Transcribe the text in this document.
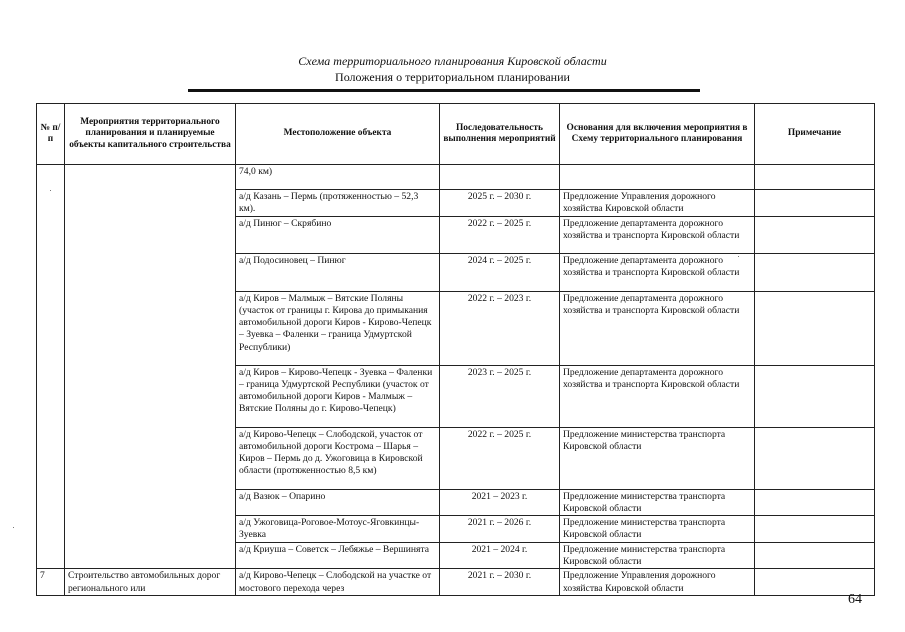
Схема территориального планирования Кировской области
Положения о территориальном планировании
№ п/п	Мероприятия территориального планирования и планируемые объекты капитального строительства	Местоположение объекта	Последовательность выполнения мероприятий	Основания для включения мероприятия в Схему территориального планирования	Примечание
		74,0 км)			
		а/д Казань – Пермь (протяженностью – 52,3 км).	2025 г. – 2030 г.	Предложение Управления дорожного хозяйства Кировской области	
		а/д Пинюг – Скрябино	2022 г. – 2025 г.	Предложение департамента дорожного хозяйства и транспорта Кировской области	
		а/д Подосиновец – Пинюг	2024 г. – 2025 г.	Предложение департамента дорожного хозяйства и транспорта Кировской области	
		а/д Киров – Малмыж – Вятские Поляны (участок от границы г. Кирова до примыкания автомобильной дороги Киров - Кирово-Чепецк – Зуевка – Фаленки – граница Удмуртской Республики)	2022 г. – 2023 г.	Предложение департамента дорожного хозяйства и транспорта Кировской области	
		а/д Киров – Кирово-Чепецк - Зуевка – Фаленки – граница Удмуртской Республики (участок от автомобильной дороги Киров - Малмыж – Вятские Поляны до г. Кирово-Чепецк)	2023 г. – 2025 г.	Предложение департамента дорожного хозяйства и транспорта Кировской области	
		а/д Кирово-Чепецк – Слободской, участок от автомобильной дороги Кострома – Шарья – Киров – Пермь до д. Ужоговица в Кировской области (протяженностью 8,5 км)	2022 г. – 2025 г.	Предложение министерства транспорта Кировской области	
		а/д Вазюк – Опарино	2021 – 2023 г.	Предложение министерства транспорта Кировской области	
		а/д Ужоговица-Роговое-Мотоус-Яговкинцы-Зуевка	2021 г. – 2026 г.	Предложение министерства транспорта Кировской области	
		а/д Криуша – Советск – Лебяжье – Вершинята	2021 – 2024 г.	Предложение министерства транспорта Кировской области	
7	Строительство автомобильных дорог регионального или	а/д Кирово-Чепецк – Слободской на участке от мостового перехода через	2021 г. – 2030 г.	Предложение Управления дорожного хозяйства Кировской области	
64
